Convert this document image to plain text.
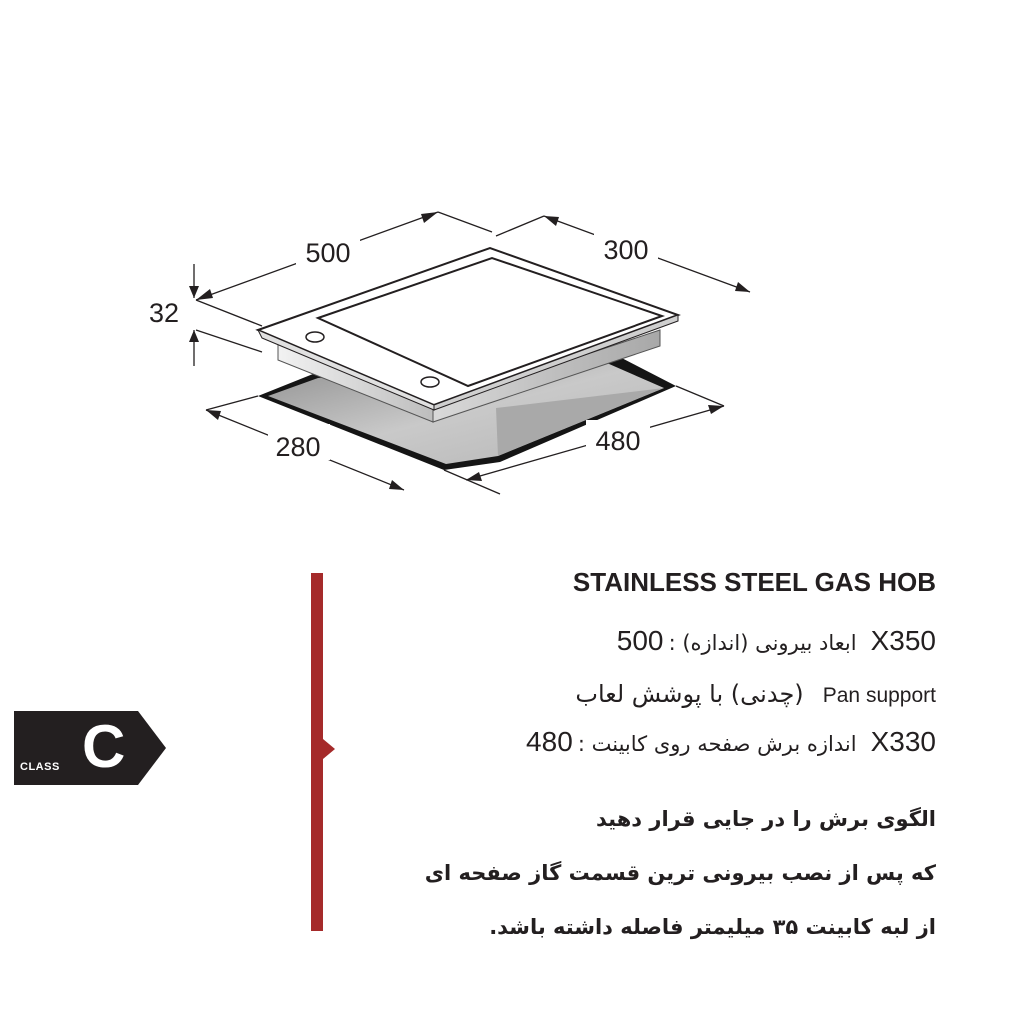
500	300
32
280	480
CLASS C
STAINLESS STEEL GAS HOB
ابعاد بیرونی (اندازه) : 500X350
(چدنی) با پوشش لعاب Pan support
اندازه برش صفحه روی کابینت : 480X330
الگوی برش را در جایی قرار دهید
که پس از نصب بیرونی ترین قسمت گاز صفحه ای
از لبه کابینت ۳۵ میلیمتر فاصله داشته باشد.
